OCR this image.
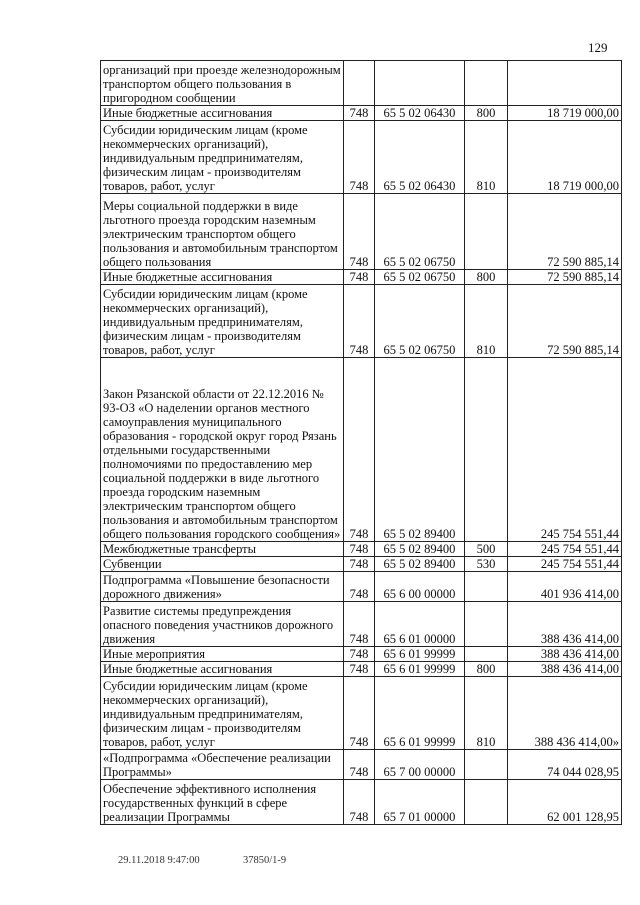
129
организаций при проезде железнодорожным транспортом общего пользования в пригородном сообщении				
Иные бюджетные ассигнования	748	65 5 02 06430	800	18 719 000,00
Субсидии юридическим лицам (кроме некоммерческих организаций), индивидуальным предпринимателям, физическим лицам - производителям товаров, работ, услуг	748	65 5 02 06430	810	18 719 000,00
Меры социальной поддержки в виде льготного проезда городским наземным электрическим транспортом общего пользования и автомобильным транспортом общего пользования	748	65 5 02 06750		72 590 885,14
Иные бюджетные ассигнования	748	65 5 02 06750	800	72 590 885,14
Субсидии юридическим лицам (кроме некоммерческих организаций), индивидуальным предпринимателям, физическим лицам - производителям товаров, работ, услуг	748	65 5 02 06750	810	72 590 885,14
Закон Рязанской области от 22.12.2016 № 93-ОЗ «О наделении органов местного самоуправления муниципального образования - городской округ город Рязань отдельными государственными полномочиями по предоставлению мер социальной поддержки в виде льготного проезда городским наземным электрическим транспортом общего пользования и автомобильным транспортом общего пользования городского сообщения»	748	65 5 02 89400		245 754 551,44
Межбюджетные трансферты	748	65 5 02 89400	500	245 754 551,44
Субвенции	748	65 5 02 89400	530	245 754 551,44
Подпрограмма «Повышение безопасности дорожного движения»	748	65 6 00 00000		401 936 414,00
Развитие системы предупреждения опасного поведения участников дорожного движения	748	65 6 01 00000		388 436 414,00
Иные мероприятия	748	65 6 01 99999		388 436 414,00
Иные бюджетные ассигнования	748	65 6 01 99999	800	388 436 414,00
Субсидии юридическим лицам (кроме некоммерческих организаций), индивидуальным предпринимателям, физическим лицам - производителям товаров, работ, услуг	748	65 6 01 99999	810	388 436 414,00»
«Подпрограмма «Обеспечение реализации Программы»	748	65 7 00 00000		74 044 028,95
Обеспечение эффективного исполнения государственных функций в сфере реализации Программы	748	65 7 01 00000		62 001 128,95
29.11.2018 9:47:00	37850/1-9
